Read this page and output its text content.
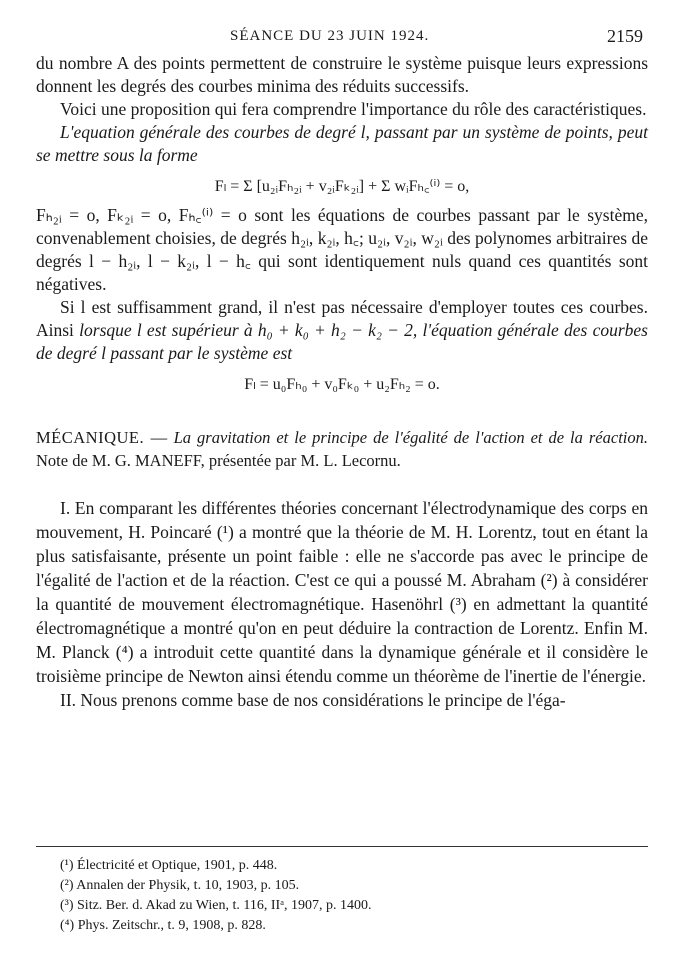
SÉANCE DU 23 JUIN 1924.	2159

du nombre A des points permettent de construire le système puisque leurs expressions donnent les degrés des courbes minima des réduits successifs.

Voici une proposition qui fera comprendre l'importance du rôle des caractéristiques.

L'equation générale des courbes de degré l, passant par un système de points, peut se mettre sous la forme

Fₗ = Σ [u₂ᵢFₕ₂ᵢ + v₂ᵢFₖ₂ᵢ] + Σ wᵢFₕ꜀⁽ⁱ⁾ = o,

Fₕ₂ᵢ = o, Fₖ₂ᵢ = o, Fₕ꜀⁽ⁱ⁾ = o sont les équations de courbes passant par le système, convenablement choisies, de degrés h₂ᵢ, k₂ᵢ, h꜀; u₂ᵢ, v₂ᵢ, w₂ᵢ des polynomes arbitraires de degrés l − h₂ᵢ, l − k₂ᵢ, l − h꜀ qui sont identiquement nuls quand ces quantités sont négatives.

Si l est suffisamment grand, il n'est pas nécessaire d'employer toutes ces courbes. Ainsi lorsque l est supérieur à h₀ + k₀ + h₂ − k₂ − 2, l'équation générale des courbes de degré l passant par le système est

Fₗ = u₀Fₕ₀ + v₀Fₖ₀ + u₂Fₕ₂ = o.

MÉCANIQUE. — La gravitation et le principe de l'égalité de l'action et de la réaction. Note de M. G. MANEFF, présentée par M. L. Lecornu.

I. En comparant les différentes théories concernant l'électrodynamique des corps en mouvement, H. Poincaré (¹) a montré que la théorie de M. H. Lorentz, tout en étant la plus satisfaisante, présente un point faible : elle ne s'accorde pas avec le principe de l'égalité de l'action et de la réaction. C'est ce qui a poussé M. Abraham (²) à considérer la quantité de mouvement électromagnétique. Hasenöhrl (³) en admettant la quantité électromagnétique a montré qu'on en peut déduire la contraction de Lorentz. Enfin M. M. Planck (⁴) a introduit cette quantité dans la dynamique générale et il considère le troisième principe de Newton ainsi étendu comme un théorème de l'inertie de l'énergie.

II. Nous prenons comme base de nos considérations le principe de l'éga-

(¹) Électricité et Optique, 1901, p. 448.
(²) Annalen der Physik, t. 10, 1903, p. 105.
(³) Sitz. Ber. d. Akad zu Wien, t. 116, IIᵃ, 1907, p. 1400.
(⁴) Phys. Zeitschr., t. 9, 1908, p. 828.
